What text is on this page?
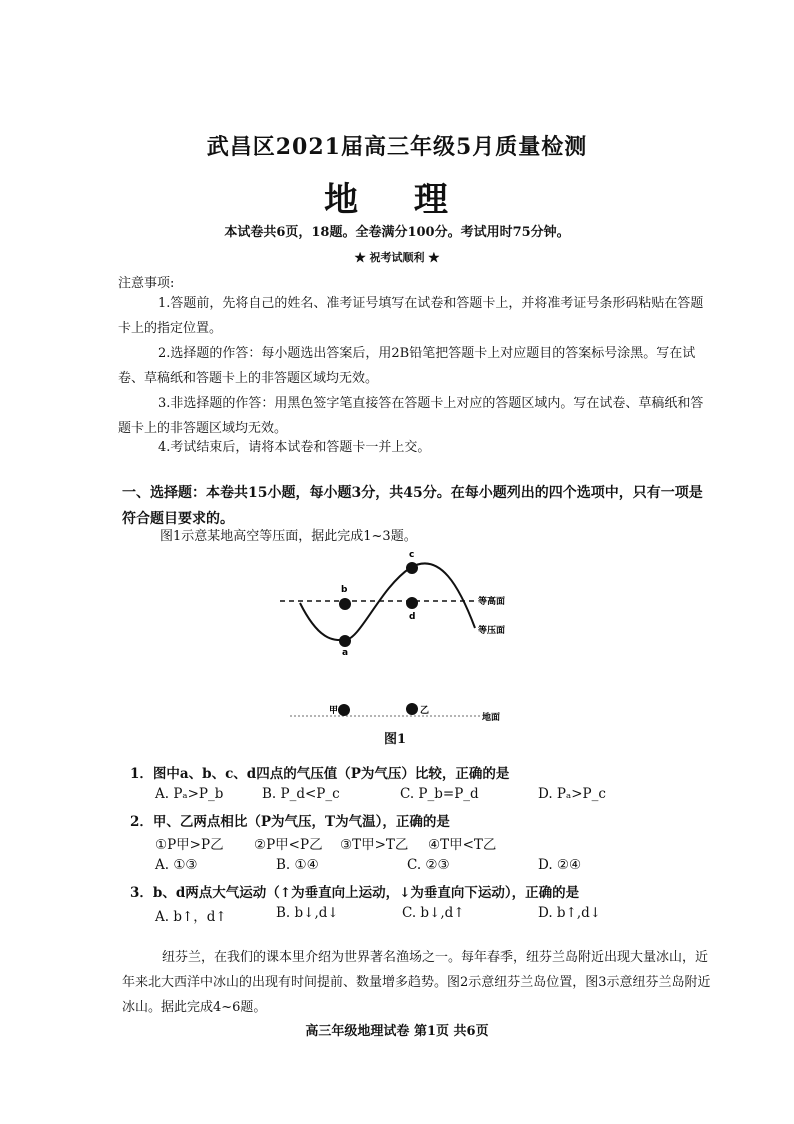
武昌区2021届高三年级5月质量检测
地 理
本试卷共6页，18题。全卷满分100分。考试用时75分钟。
★ 祝考试顺利 ★
注意事项:
1.答题前，先将自己的姓名、准考证号填写在试卷和答题卡上，并将准考证号条形码粘贴在答题卡上的指定位置。
2.选择题的作答：每小题选出答案后，用2B铅笔把答题卡上对应题目的答案标号涂黑。写在试卷、草稿纸和答题卡上的非答题区域均无效。
3.非选择题的作答：用黑色签字笔直接答在答题卡上对应的答题区域内。写在试卷、草稿纸和答题卡上的非答题区域均无效。
4.考试结束后，请将本试卷和答题卡一并上交。
一、选择题：本卷共15小题，每小题3分，共45分。在每小题列出的四个选项中，只有一项是符合题目要求的。
图1示意某地高空等压面，据此完成1~3题。
a
b
c
d
等高面
等压面
甲	乙
地面
图1
1．图中a、b、c、d四点的气压值（P为气压）比较，正确的是
A. Pₐ>P_b	B. P_d<P_c	C. P_b=P_d	D. Pₐ>P_c
2．甲、乙两点相比（P为气压，T为气温），正确的是
①P甲>P乙 ②P甲<P乙 ③T甲>T乙 ④T甲<T乙
A. ①③	B. ①④	C. ②③	D. ②④
3．b、d两点大气运动（↑为垂直向上运动，↓为垂直向下运动），正确的是
A. b↑，d↑	B. b↓,d↓	C. b↓,d↑	D. b↑,d↓
纽芬兰，在我们的课本里介绍为世界著名渔场之一。每年春季，纽芬兰岛附近出现大量冰山，近年来北大西洋中冰山的出现有时间提前、数量增多趋势。图2示意纽芬兰岛位置，图3示意纽芬兰岛附近冰山。据此完成4~6题。
高三年级地理试卷 第1页 共6页
